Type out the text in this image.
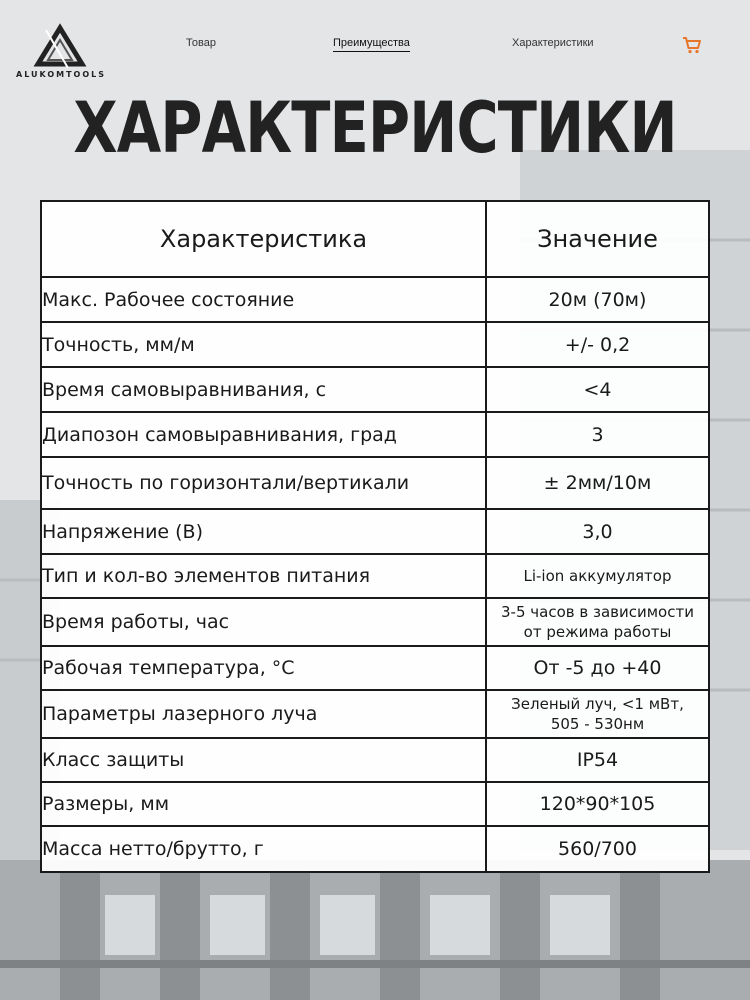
ALUKOMTOOLS
Товар	Преимущества	Характеристики
ХАРАКТЕРИСТИКИ
Характеристика	Значение
Макс. Рабочее состояние	20м (70м)
Точность, мм/м	+/- 0,2
Время самовыравнивания, с	<4
Диапозон самовыравнивания, град	3
Точность по горизонтали/вертикали	± 2мм/10м
Напряжение (В)	3,0
Тип и кол-во элементов питания	Li-ion аккумулятор
Время работы, час	3-5 часов в зависимости
от режима работы

Рабочая температура, °С	От -5 до +40
Параметры лазерного луча	Зеленый луч, <1 мВт,
505 - 530нм

Класс защиты	IP54
Размеры, мм	120*90*105
Масса нетто/брутто, г	560/700
